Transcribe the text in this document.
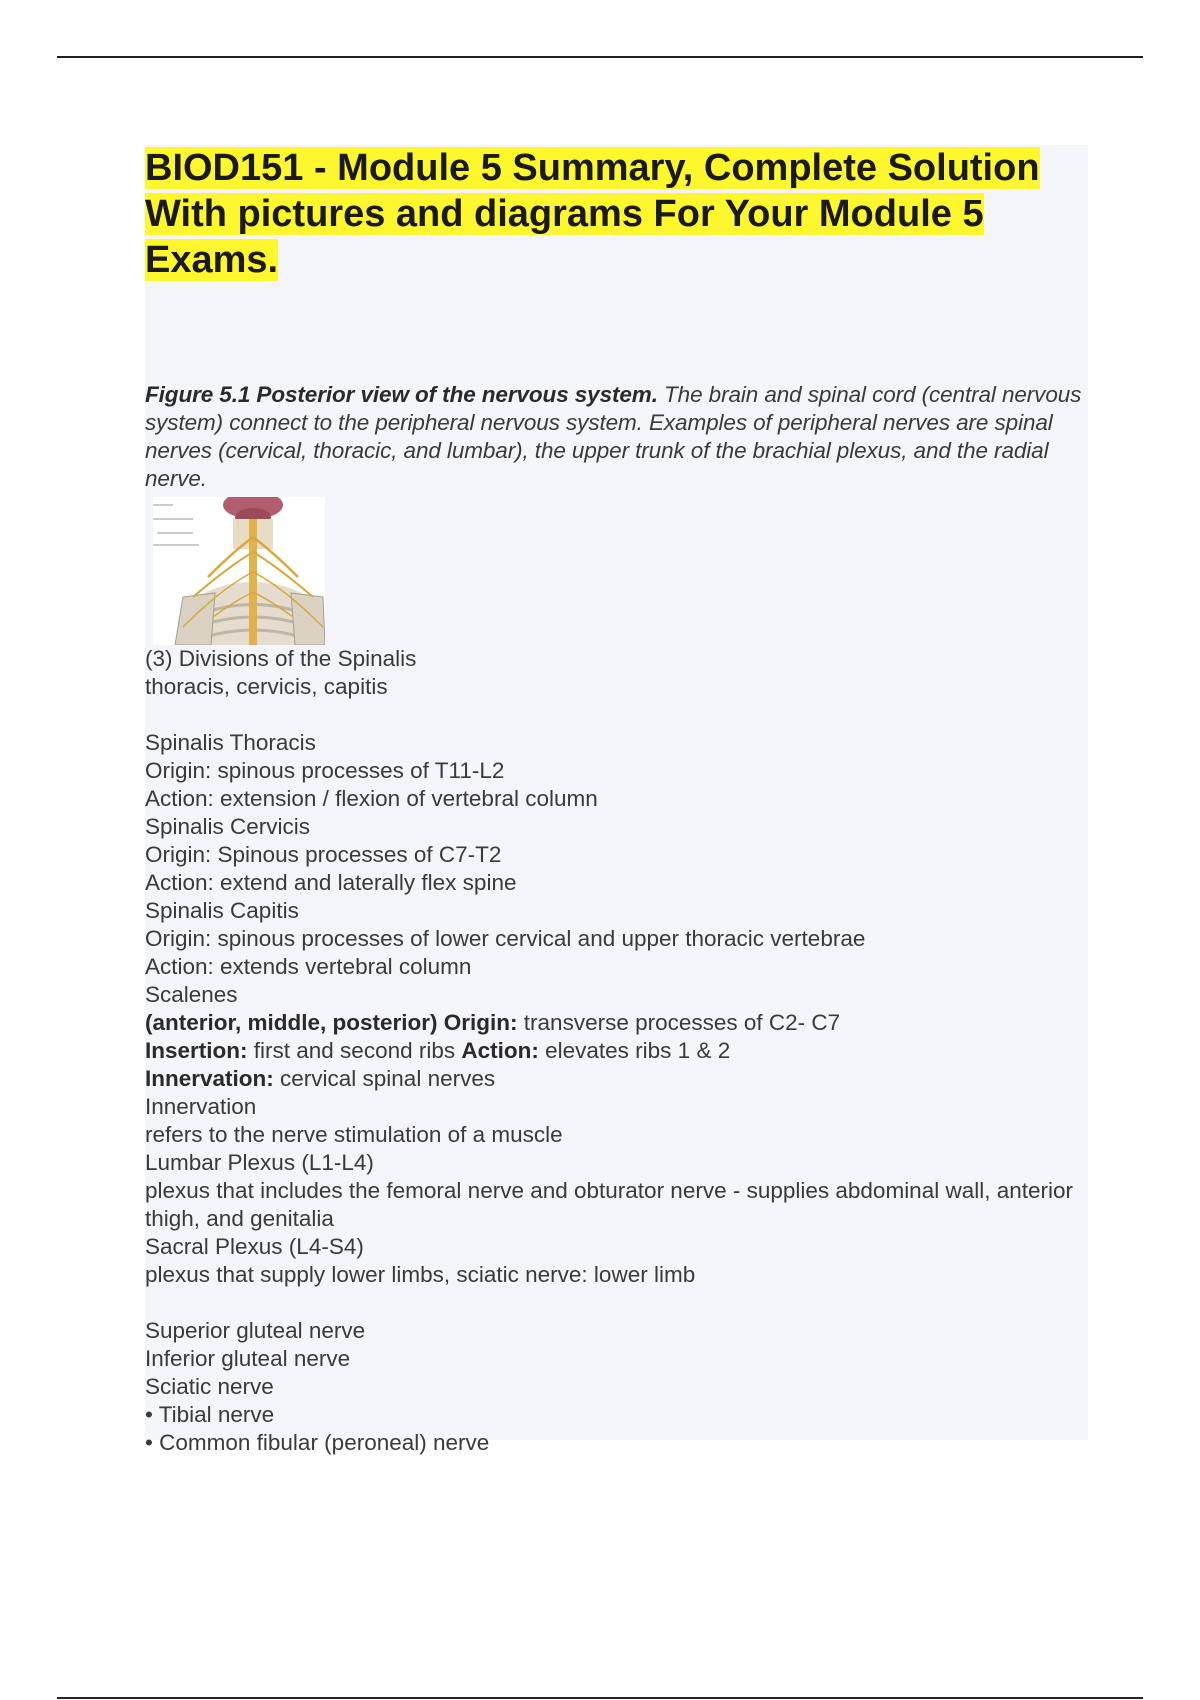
BIOD151 - Module 5 Summary, Complete Solution With pictures and diagrams For Your Module 5 Exams.

Figure 5.1 Posterior view of the nervous system. The brain and spinal cord (central nervous system) connect to the peripheral nervous system. Examples of peripheral nerves are spinal nerves (cervical, thoracic, and lumbar), the upper trunk of the brachial plexus, and the radial nerve.

(3) Divisions of the Spinalis
thoracis, cervicis, capitis
Spinalis Thoracis
Origin: spinous processes of T11-L2
Action: extension / flexion of vertebral column
Spinalis Cervicis
Origin: Spinous processes of C7-T2
Action: extend and laterally flex spine
Spinalis Capitis
Origin: spinous processes of lower cervical and upper thoracic vertebrae
Action: extends vertebral column
Scalenes
(anterior, middle, posterior) Origin: transverse processes of C2- C7
Insertion: first and second ribs Action: elevates ribs 1 & 2
Innervation: cervical spinal nerves
Innervation
refers to the nerve stimulation of a muscle
Lumbar Plexus (L1-L4)
plexus that includes the femoral nerve and obturator nerve - supplies abdominal wall, anterior thigh, and genitalia
Sacral Plexus (L4-S4)
plexus that supply lower limbs, sciatic nerve: lower limb
Superior gluteal nerve
Inferior gluteal nerve
Sciatic nerve
• Tibial nerve
• Common fibular (peroneal) nerve
